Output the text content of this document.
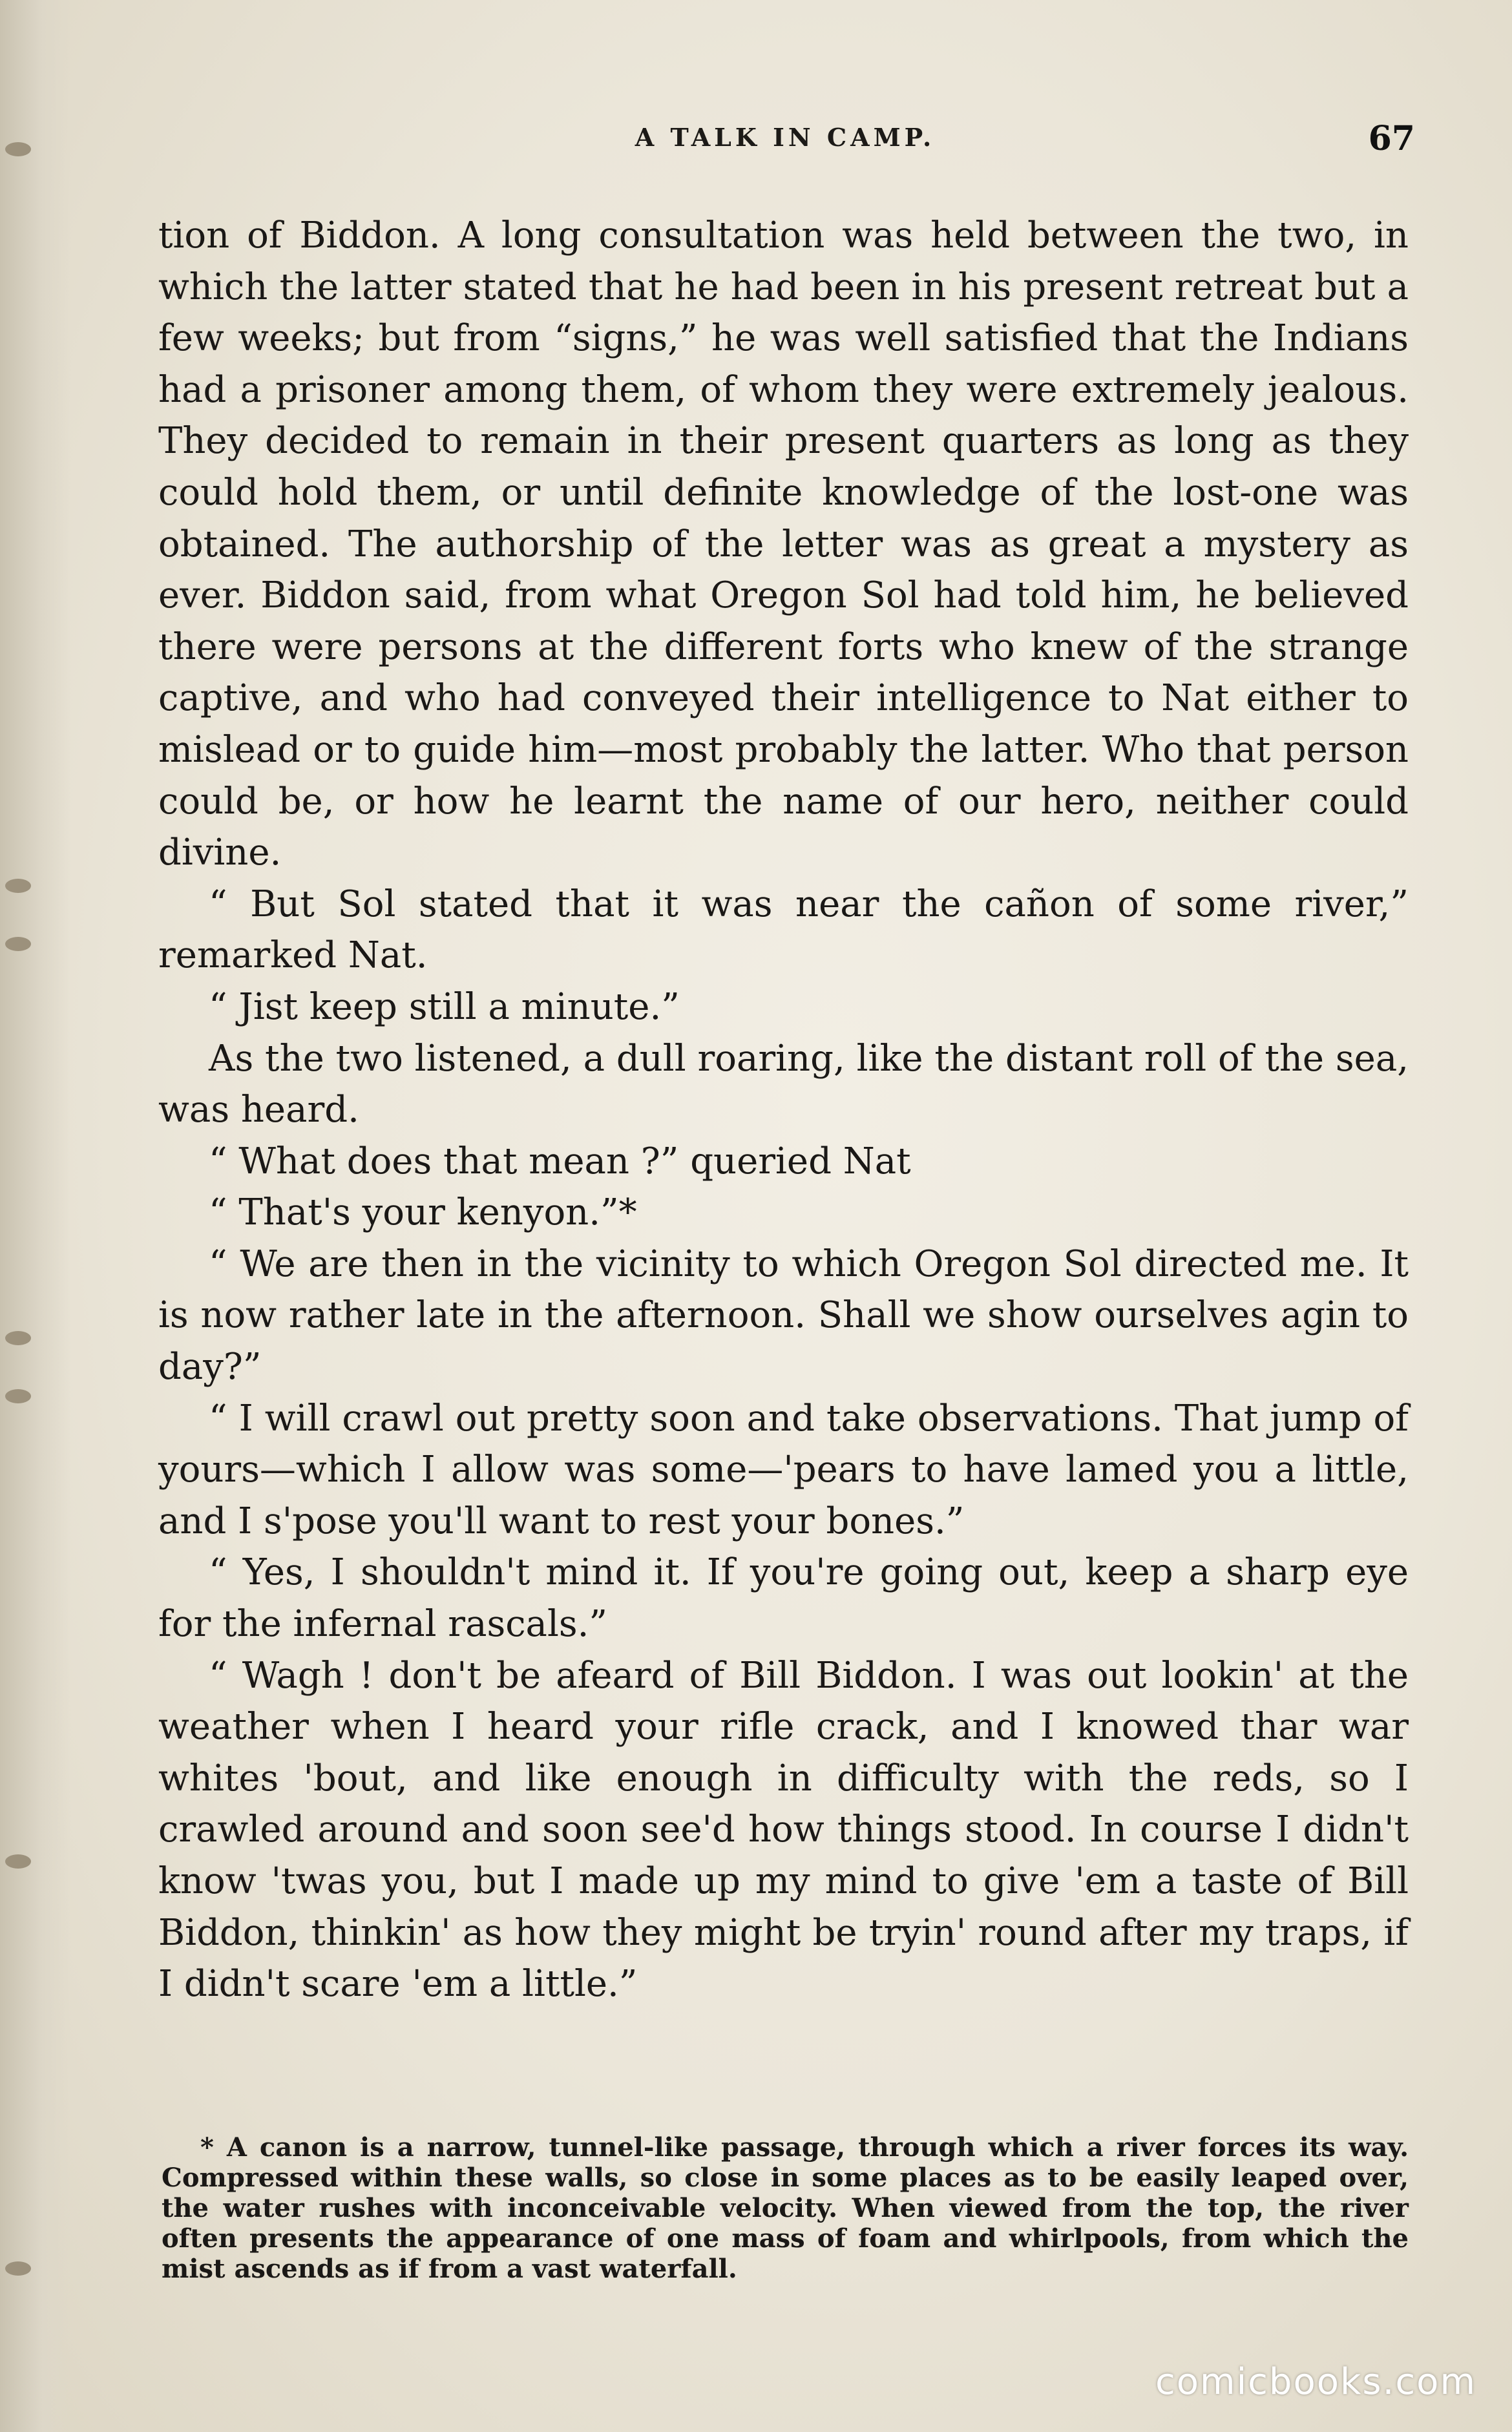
A TALK IN CAMP.	67

tion of Biddon. A long consultation was held between the two, in which the latter stated that he had been in his present retreat but a few weeks; but from “signs,” he was well satisfied that the Indians had a prisoner among them, of whom they were extremely jealous. They decided to remain in their present quarters as long as they could hold them, or until definite knowledge of the lost-one was obtained. The authorship of the letter was as great a mystery as ever. Biddon said, from what Oregon Sol had told him, he believed there were persons at the different forts who knew of the strange captive, and who had conveyed their intelligence to Nat either to mislead or to guide him—most probably the latter. Who that person could be, or how he learnt the name of our hero, neither could divine.

“ But Sol stated that it was near the cañon of some river,” remarked Nat.

“ Jist keep still a minute.”

As the two listened, a dull roaring, like the distant roll of the sea, was heard.

“ What does that mean ?” queried Nat

“ That's your kenyon.”*

“ We are then in the vicinity to which Oregon Sol directed me. It is now rather late in the afternoon. Shall we show ourselves agin to day?”

“ I will crawl out pretty soon and take observations. That jump of yours—which I allow was some—'pears to have lamed you a little, and I s'pose you'll want to rest your bones.”

“ Yes, I shouldn't mind it. If you're going out, keep a sharp eye for the infernal rascals.”

“ Wagh ! don't be afeard of Bill Biddon. I was out lookin' at the weather when I heard your rifle crack, and I knowed thar war whites 'bout, and like enough in difficulty with the reds, so I crawled around and soon see'd how things stood. In course I didn't know 'twas you, but I made up my mind to give 'em a taste of Bill Biddon, thinkin' as how they might be tryin' round after my traps, if I didn't scare 'em a little.”

* A canon is a narrow, tunnel-like passage, through which a river forces its way. Compressed within these walls, so close in some places as to be easily leaped over, the water rushes with inconceivable velocity. When viewed from the top, the river often presents the appearance of one mass of foam and whirlpools, from which the mist ascends as if from a vast waterfall.

comicbooks.com
